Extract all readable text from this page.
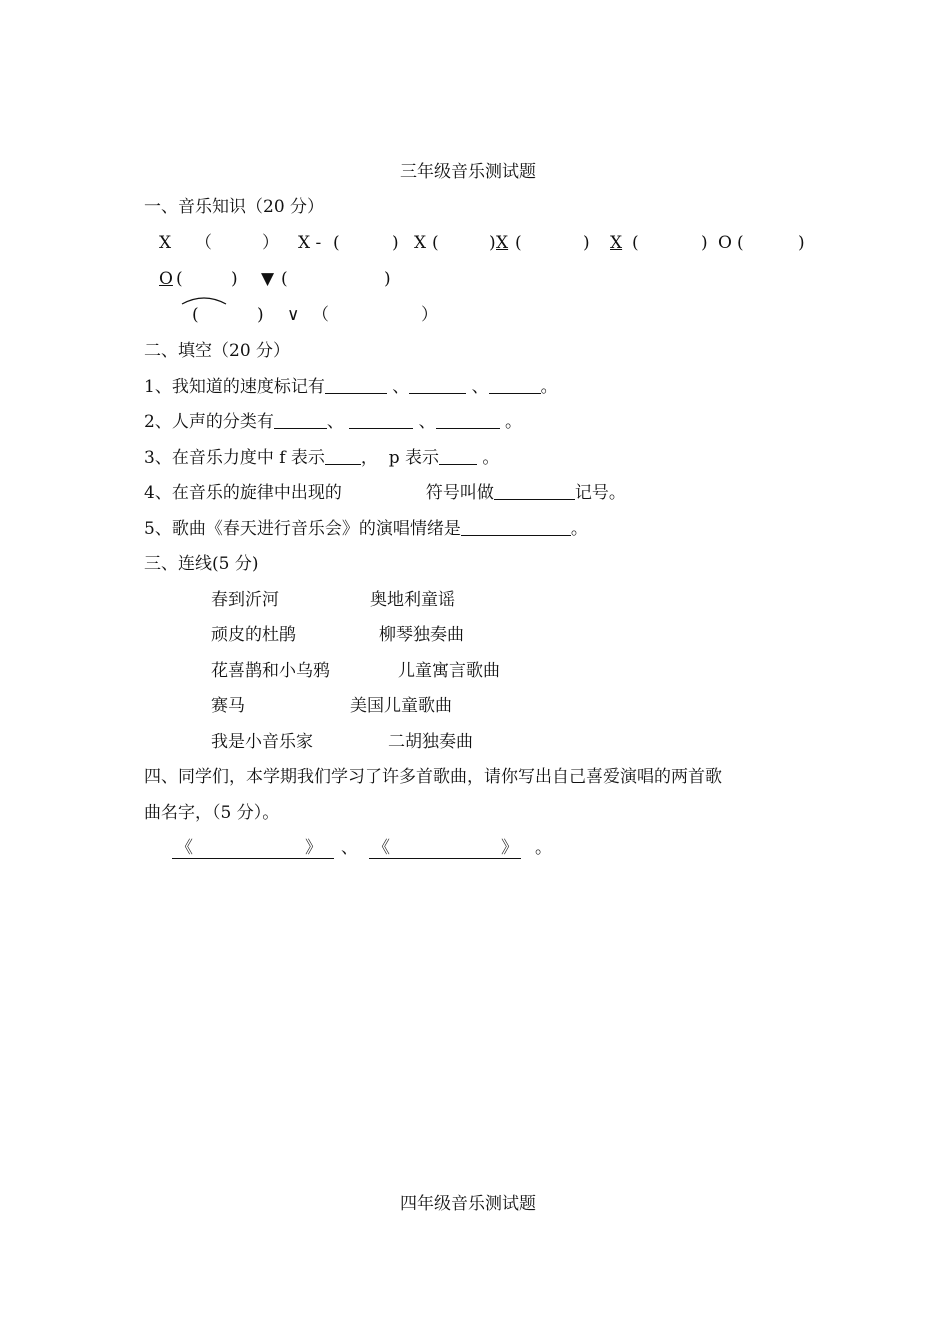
三年级音乐测试题
一、音乐知识（20 分）
X （	） X - (	) X (	) X (	) X (	) O (	)
O (	) ▼ (	)
(	) ∨ （	）
二、填空（20 分）
1、我知道的速度标记有	、	、	。
2、人声的分类有	、	、	。
3、在音乐力度中 f 表示 ，  p 表示	。
4、在音乐的旋律中出现的	符号叫做	记号。
5、歌曲《春天进行音乐会》的演唱情绪是	。
三、连线(5 分)
春到沂河	奥地利童谣
顽皮的杜鹃	柳琴独奏曲
花喜鹊和小乌鸦	儿童寓言歌曲
赛马	美国儿童歌曲
我是小音乐家	二胡独奏曲
四、同学们，本学期我们学习了许多首歌曲，请你写出自己喜爱演唱的两首歌
曲名字，（5 分）。
《	》 、 《	》 。
四年级音乐测试题
